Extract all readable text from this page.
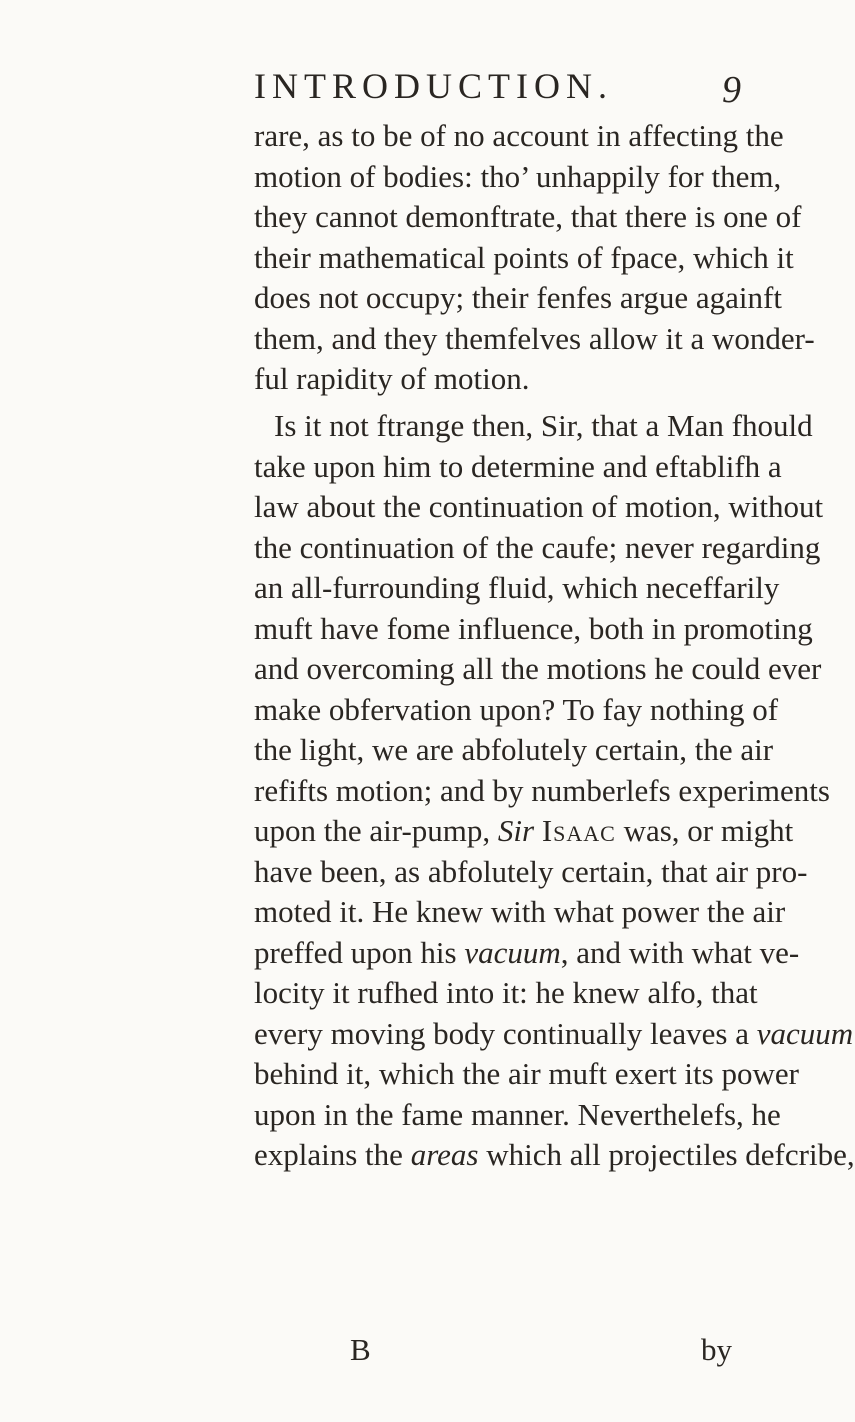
INTRODUCTION.	9

rare, as to be of no account in affecting the
motion of bodies: tho’ unhappily for them,
they cannot demonftrate, that there is one of
their mathematical points of fpace, which it
does not occupy; their fenfes argue againft
them, and they themfelves allow it a wonder-
ful rapidity of motion.

Is it not ftrange then, Sir, that a Man fhould
take upon him to determine and eftablifh a
law about the continuation of motion, without
the continuation of the caufe; never regarding
an all-furrounding fluid, which neceffarily
muft have fome influence, both in promoting
and overcoming all the motions he could ever
make obfervation upon? To fay nothing of
the light, we are abfolutely certain, the air
refifts motion; and by numberlefs experiments
upon the air-pump, Sir Isaac was, or might
have been, as abfolutely certain, that air pro-
moted it. He knew with what power the air
preffed upon his vacuum, and with what ve-
locity it rufhed into it: he knew alfo, that
every moving body continually leaves a vacuum
behind it, which the air muft exert its power
upon in the fame manner. Neverthelefs, he
explains the areas which all projectiles defcribe,

B	by
